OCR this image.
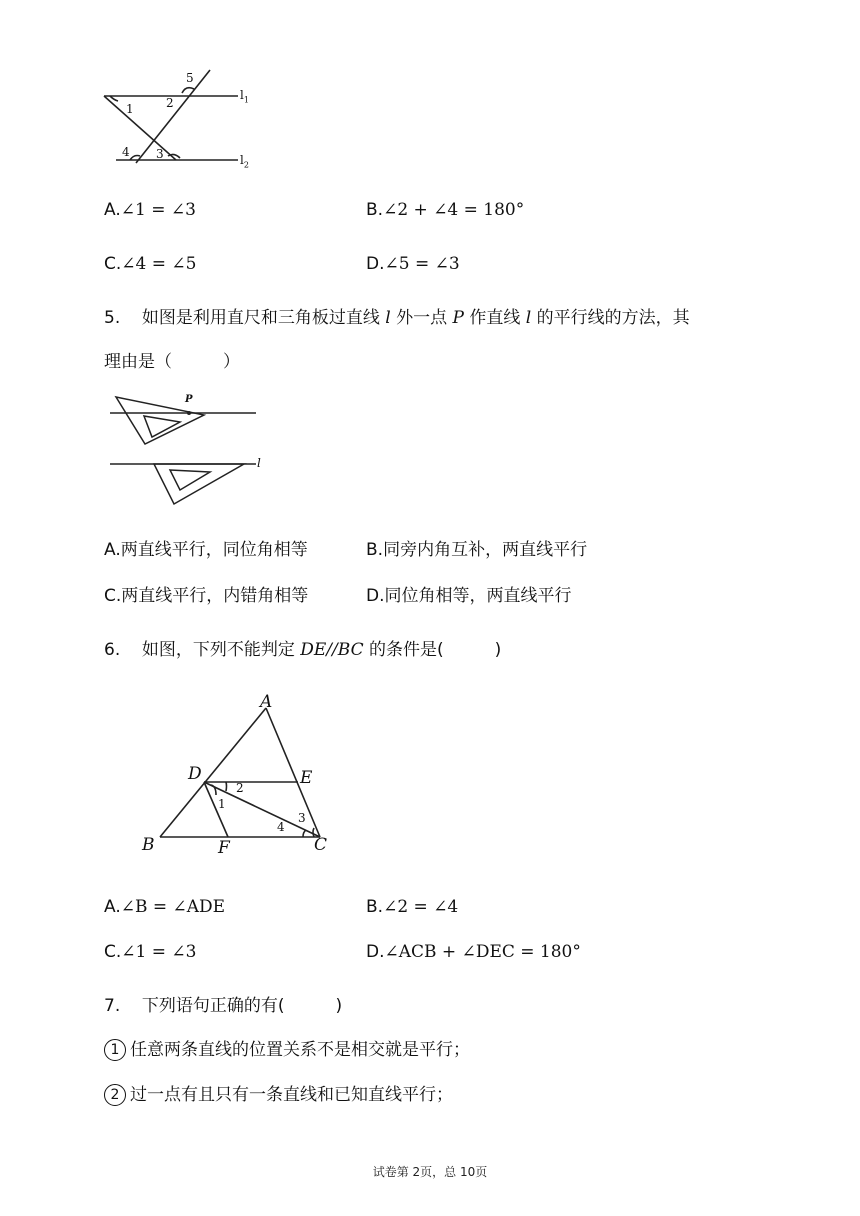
5
2
1
4 3
$l_1$
$l_2$
A.∠1 = ∠3	B.∠2 + ∠4 = 180°
C.∠4 = ∠5	D.∠5 = ∠3
5. 如图是利用直尺和三角板过直线 l 外一点 P 作直线 l 的平行线的方法，其
理由是（　　　）
P
l
A.两直线平行，同位角相等	B.同旁内角互补，两直线平行
C.两直线平行，内错角相等	D.同位角相等，两直线平行
6. 如图，下列不能判定 DE//BC 的条件是(　　　)
A
D	E
B	F	C
1
2
3
4
A.∠B = ∠ADE	B.∠2 = ∠4
C.∠1 = ∠3	D.∠ACB + ∠DEC = 180°
7. 下列语句正确的有(　　　)
1 任意两条直线的位置关系不是相交就是平行；
2 过一点有且只有一条直线和已知直线平行；
试卷第 2页，总 10页
